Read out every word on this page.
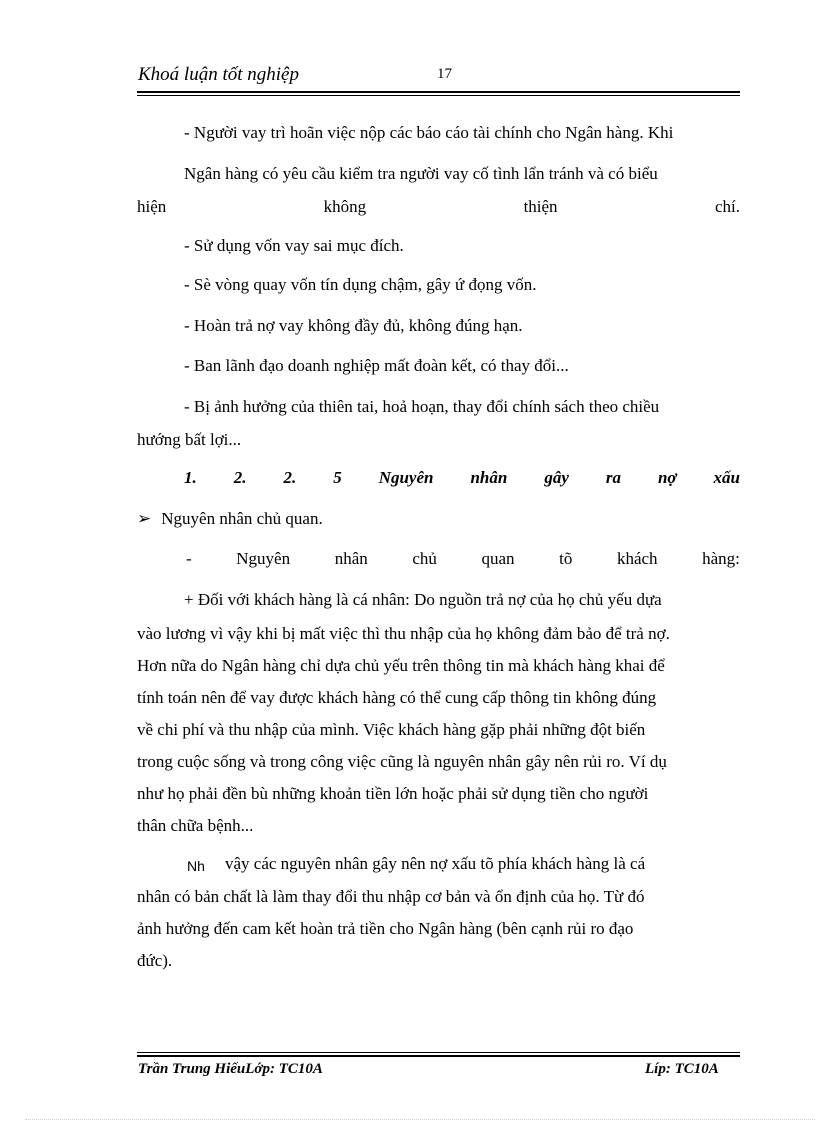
Khoá luận tốt nghiệp	17
- Người vay trì hoãn việc nộp các báo cáo tài chính cho Ngân hàng. Khi
Ngân hàng có yêu cầu kiểm tra người vay cố tình lẩn tránh và có biểu
hiện	không	thiện	chí.
- Sử dụng vốn vay sai mục đích.
- Sè vòng quay vốn tín dụng chậm, gây ứ đọng vốn.
- Hoàn trả nợ vay không đầy đủ, không đúng hạn.
- Ban lãnh đạo doanh nghiệp mất đoàn kết, có thay đổi...
- Bị ảnh hưởng của thiên tai, hoả hoạn, thay đổi chính sách theo chiều
hướng bất lợi...
1. 2. 2. 5 Nguyên nhân gây ra nợ xấu
➢ Nguyên nhân chủ quan.
-	Nguyên	nhân	chủ	quan	tõ	khách	hàng:
+ Đối với khách hàng là cá nhân: Do nguồn trả nợ của họ chủ yếu dựa
vào lương vì vậy khi bị mất việc thì thu nhập của họ không đảm bảo để trả nợ.
Hơn nữa do Ngân hàng chỉ dựa chủ yếu trên thông tin mà khách hàng khai để
tính toán nên để vay được khách hàng có thể cung cấp thông tin không đúng
về chi phí và thu nhập của mình. Việc khách hàng gặp phải những đột biến
trong cuộc sống và trong công việc cũng là nguyên nhân gây nên rủi ro. Ví dụ
như họ phải đền bù những khoản tiền lớn hoặc phải sử dụng tiền cho người
thân chữa bệnh...
Nh vậy các nguyên nhân gây nên nợ xấu tõ phía khách hàng là cá
nhân có bản chất là làm thay đổi thu nhập cơ bản và ổn định của họ. Từ đó
ảnh hưởng đến cam kết hoàn trả tiền cho Ngân hàng (bên cạnh rủi ro đạo
đức).
Trần Trung HiếuLớp: TC10A	Líp: TC10A
